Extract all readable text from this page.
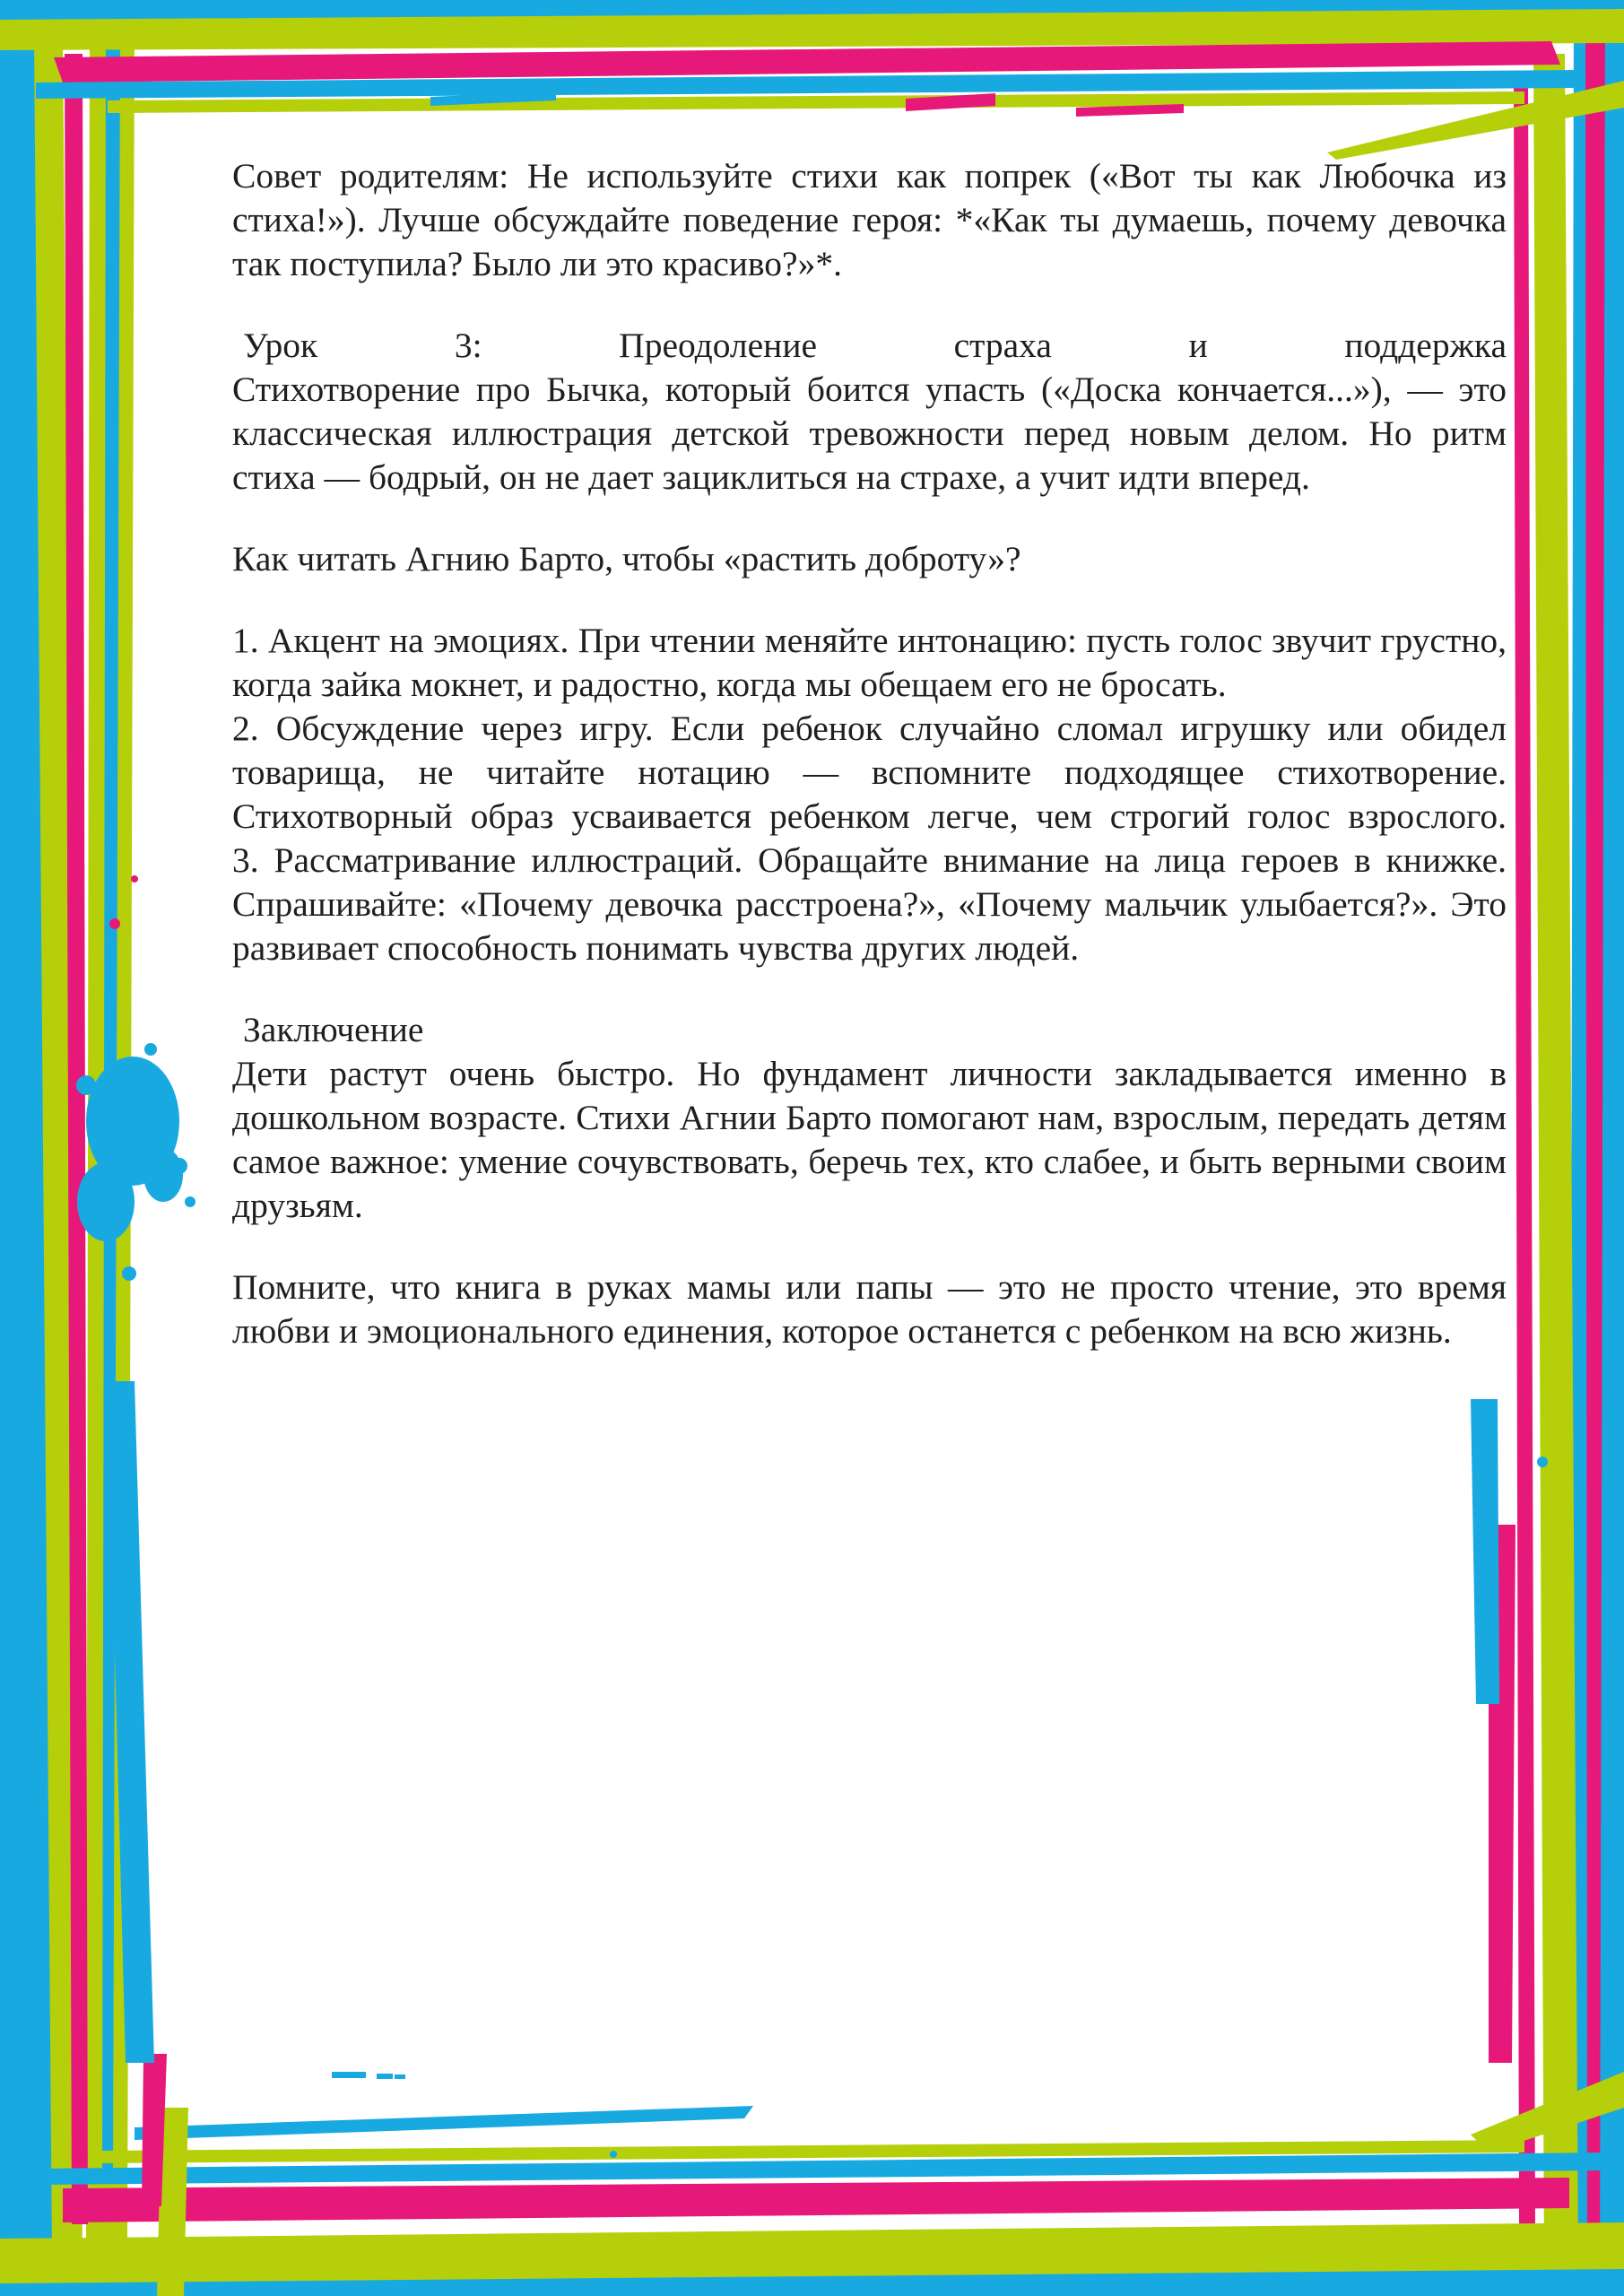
Совет родителям: Не используйте стихи как попрек («Вот ты как Любочка из стиха!»). Лучше обсуждайте поведение героя: *«Как ты думаешь, почему девочка так поступила? Было ли это красиво?»*.

Урок 3: Преодоление страха и поддержка
Стихотворение про Бычка, который боится упасть («Доска кончается...»), — это классическая иллюстрация детской тревожности перед новым делом. Но ритм стиха — бодрый, он не дает зациклиться на страхе, а учит идти вперед.

Как читать Агнию Барто, чтобы «растить доброту»?

1. Акцент на эмоциях. При чтении меняйте интонацию: пусть голос звучит грустно, когда зайка мокнет, и радостно, когда мы обещаем его не бросать.
2. Обсуждение через игру. Если ребенок случайно сломал игрушку или обидел товарища, не читайте нотацию — вспомните подходящее стихотворение. Стихотворный образ усваивается ребенком легче, чем строгий голос взрослого.
3. Рассматривание иллюстраций. Обращайте внимание на лица героев в книжке. Спрашивайте: «Почему девочка расстроена?», «Почему мальчик улыбается?». Это развивает способность понимать чувства других людей.
Заключение
Дети растут очень быстро. Но фундамент личности закладывается именно в дошкольном возрасте. Стихи Агнии Барто помогают нам, взрослым, передать детям самое важное: умение сочувствовать, беречь тех, кто слабее, и быть верными своим друзьям.

Помните, что книга в руках мамы или папы — это не просто чтение, это время любви и эмоционального единения, которое останется с ребенком на всю жизнь.
